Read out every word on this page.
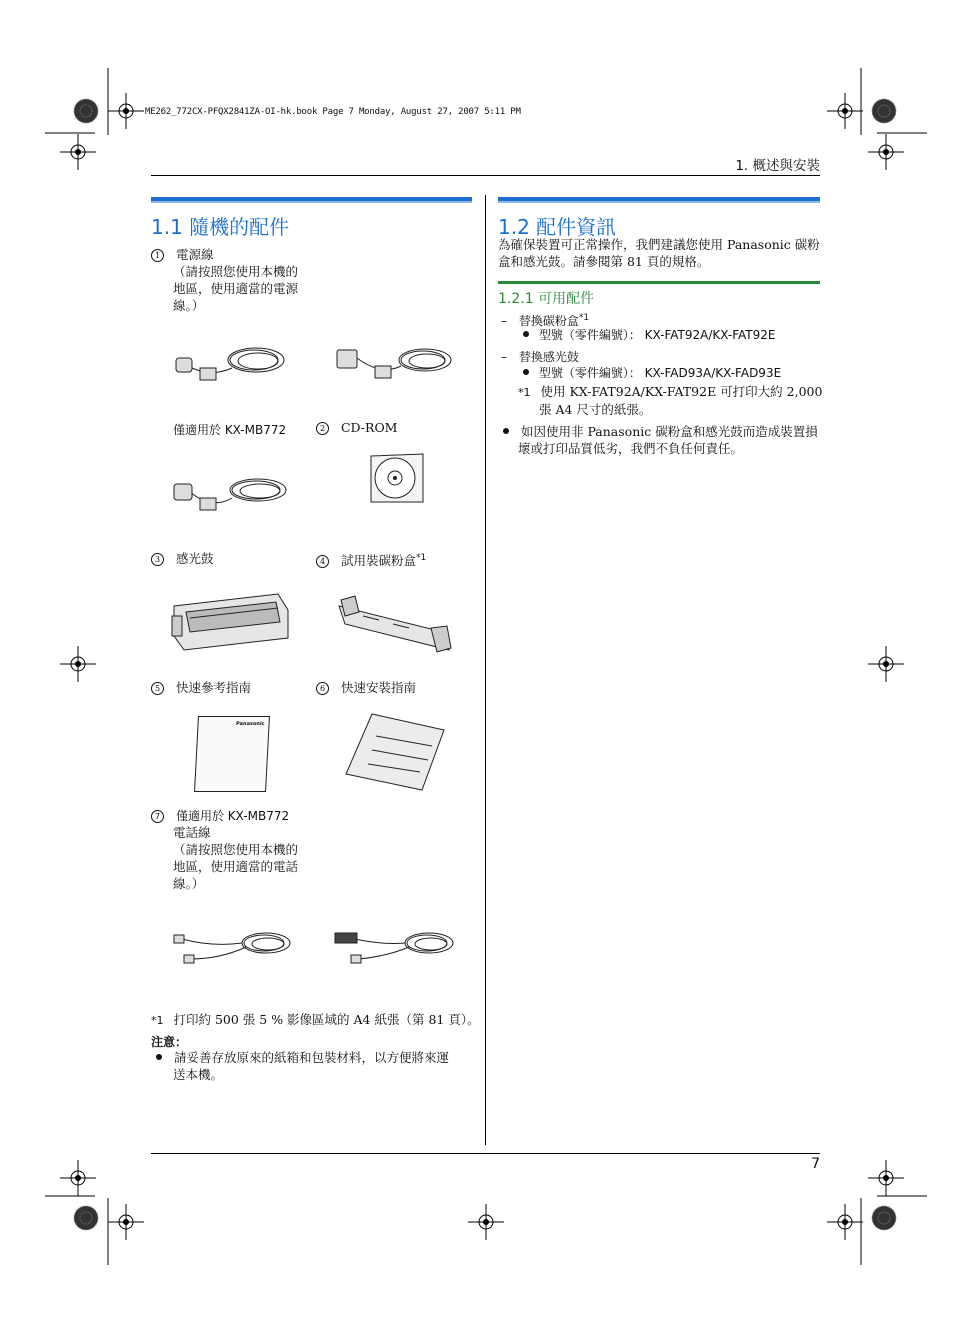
ME262_772CX-PFQX2841ZA-OI-hk.book Page 7 Monday, August 27, 2007 5:11 PM
1. 概述與安裝
1.1 隨機的配件
1 電源線
（請按照您使用本機的
地區，使用適當的電源
線。）
僅適用於 KX-MB772	2 CD-ROM
3 感光鼓	4 試用裝碳粉盒$^{*1}$
5 快速參考指南	6 快速安裝指南
Panasonic
7 僅適用於 KX-MB772
電話線
（請按照您使用本機的
地區，使用適當的電話
線。）
*1 打印約 500 張 5 % 影像區域的 A4 紙張（第 81 頁）。
注意：
請妥善存放原來的紙箱和包裝材料，以方便將來運
送本機。
1.2 配件資訊
為確保裝置可正常操作，我們建議您使用 Panasonic 碳粉
盒和感光鼓。請參閱第 81 頁的規格。
1.2.1 可用配件
– 替換碳粉盒$^{*1}$
型號（零件編號）： KX-FAT92A/KX-FAT92E
– 替換感光鼓
型號（零件編號）： KX-FAD93A/KX-FAD93E
*1 使用 KX-FAT92A/KX-FAT92E 可打印大約 2,000
張 A4 尺寸的紙張。
如因使用非 Panasonic 碳粉盒和感光鼓而造成裝置損
壞或打印品質低劣，我們不負任何責任。
7
